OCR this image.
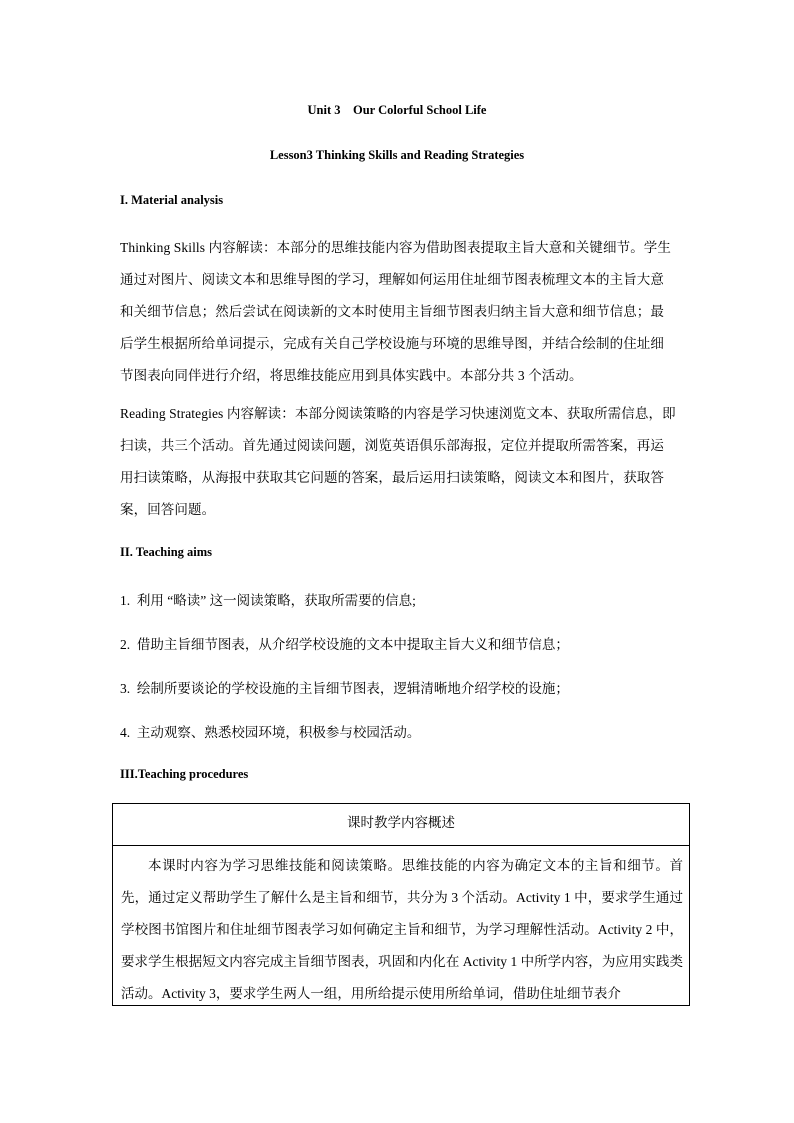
Unit 3    Our Colorful School Life
Lesson3 Thinking Skills and Reading Strategies
I. Material analysis
Thinking Skills 内容解读：本部分的思维技能内容为借助图表提取主旨大意和关键细节。学生通过对图片、阅读文本和思维导图的学习，理解如何运用住址细节图表梳理文本的主旨大意和关细节信息；然后尝试在阅读新的文本时使用主旨细节图表归纳主旨大意和细节信息；最后学生根据所给单词提示，完成有关自己学校设施与环境的思维导图，并结合绘制的住址细节图表向同伴进行介绍，将思维技能应用到具体实践中。本部分共 3 个活动。
Reading Strategies 内容解读：本部分阅读策略的内容是学习快速浏览文本、获取所需信息，即扫读，共三个活动。首先通过阅读问题，浏览英语俱乐部海报，定位并提取所需答案，再运用扫读策略，从海报中获取其它问题的答案，最后运用扫读策略，阅读文本和图片，获取答案，回答问题。
II. Teaching aims
1.  利用 “略读” 这一阅读策略，获取所需要的信息;
2.  借助主旨细节图表，从介绍学校设施的文本中提取主旨大义和细节信息；
3.  绘制所要谈论的学校设施的主旨细节图表，逻辑清晰地介绍学校的设施；
4.  主动观察、熟悉校园环境，积极参与校园活动。
III.Teaching procedures
课时教学内容概述
本课时内容为学习思维技能和阅读策略。思维技能的内容为确定文本的主旨和细节。首先，通过定义帮助学生了解什么是主旨和细节，共分为 3 个活动。Activity 1 中，要求学生通过学校图书馆图片和住址细节图表学习如何确定主旨和细节，为学习理解性活动。Activity 2 中，要求学生根据短文内容完成主旨细节图表，巩固和内化在 Activity 1 中所学内容，为应用实践类活动。Activity 3，要求学生两人一组，用所给提示使用所给单词，借助住址细节表介
